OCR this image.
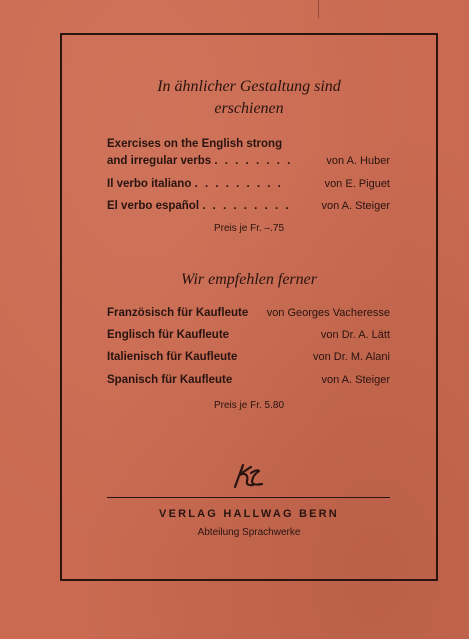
In ähnlicher Gestaltung sind
erschienen
Exercises on the English strong
and irregular verbs . . . . . . . .	von A. Huber
Il verbo italiano . . . . . . . . .	von E. Piguet
El verbo español . . . . . . . . .	von A. Steiger
Preis je Fr. –.75
Wir empfehlen ferner
Französisch für Kaufleute von Georges Vacheresse
Englisch für Kaufleute	von Dr. A. Lätt
Italienisch für Kaufleute	von Dr. M. Alani
Spanisch für Kaufleute	von A. Steiger
Preis je Fr. 5.80
VERLAG HALLWAG BERN
Abteilung Sprachwerke
